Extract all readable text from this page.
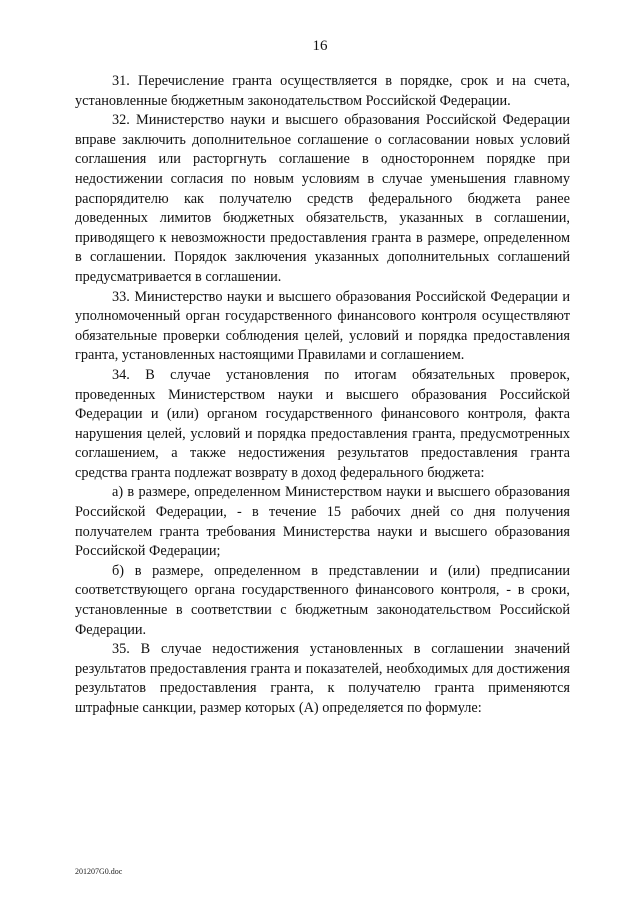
16

31. Перечисление гранта осуществляется в порядке, срок и на счета, установленные бюджетным законодательством Российской Федерации.

32. Министерство науки и высшего образования Российской Федерации вправе заключить дополнительное соглашение о согласовании новых условий соглашения или расторгнуть соглашение в одностороннем порядке при недостижении согласия по новым условиям в случае уменьшения главному распорядителю как получателю средств федерального бюджета ранее доведенных лимитов бюджетных обязательств, указанных в соглашении, приводящего к невозможности предоставления гранта в размере, определенном в соглашении. Порядок заключения указанных дополнительных соглашений предусматривается в соглашении.

33. Министерство науки и высшего образования Российской Федерации и уполномоченный орган государственного финансового контроля осуществляют обязательные проверки соблюдения целей, условий и порядка предоставления гранта, установленных настоящими Правилами и соглашением.

34. В случае установления по итогам обязательных проверок, проведенных Министерством науки и высшего образования Российской Федерации и (или) органом государственного финансового контроля, факта нарушения целей, условий и порядка предоставления гранта, предусмотренных соглашением, а также недостижения результатов предоставления гранта средства гранта подлежат возврату в доход федерального бюджета:

а) в размере, определенном Министерством науки и высшего образования Российской Федерации, - в течение 15 рабочих дней со дня получения получателем гранта требования Министерства науки и высшего образования Российской Федерации;

б) в размере, определенном в представлении и (или) предписании соответствующего органа государственного финансового контроля, - в сроки, установленные в соответствии с бюджетным законодательством Российской Федерации.

35. В случае недостижения установленных в соглашении значений результатов предоставления гранта и показателей, необходимых для достижения результатов предоставления гранта, к получателю гранта применяются штрафные санкции, размер которых (А) определяется по формуле:

201207G0.doc
